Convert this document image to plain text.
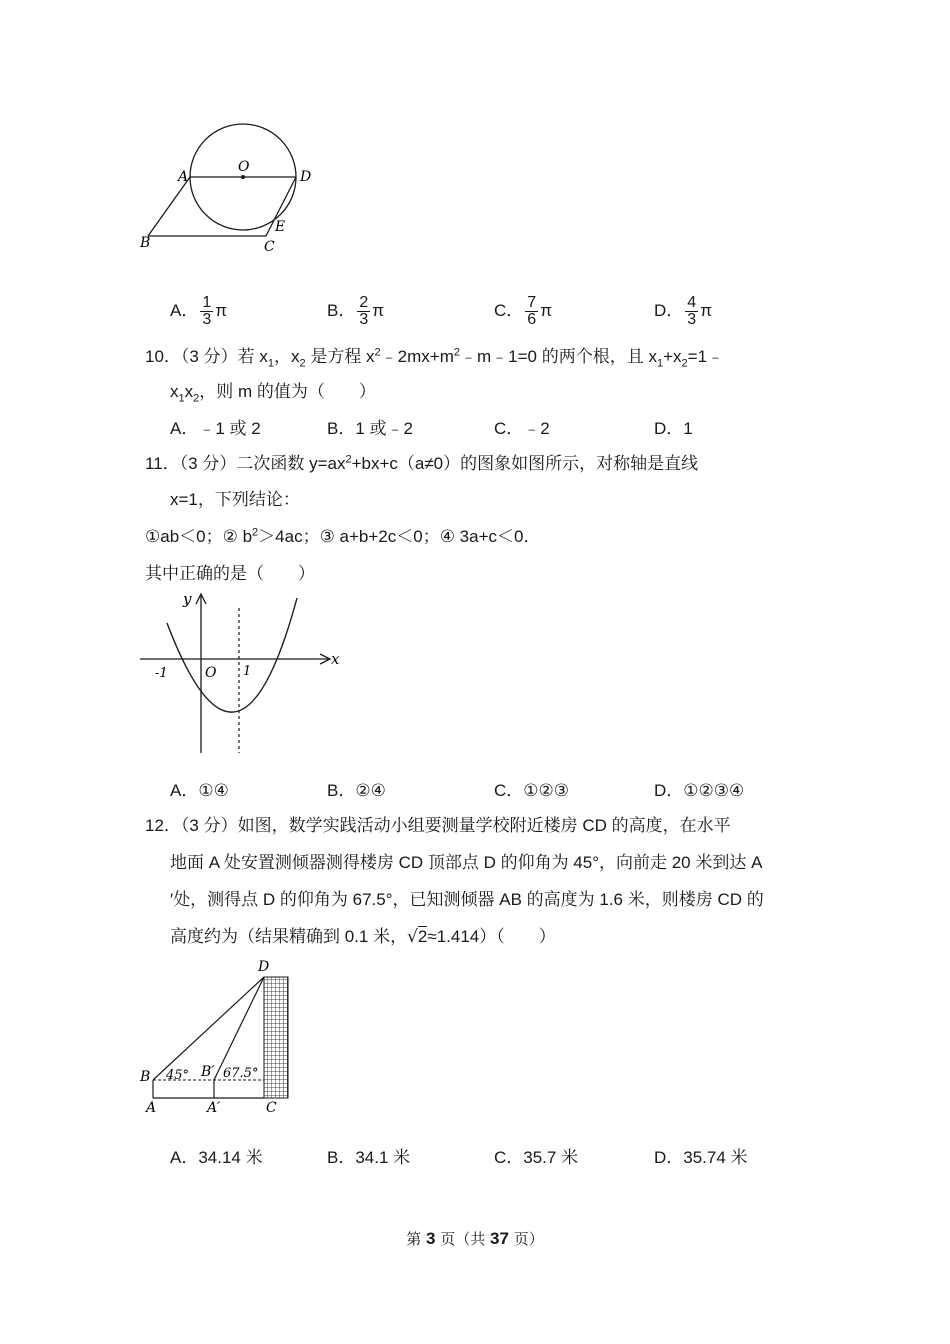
A
O
D
B	C
E
A． $\frac{1}{3}$ π	B． $\frac{2}{3}$ π	C． $\frac{7}{6}$ π	D． $\frac{4}{3}$ π
10．（3 分）若 $x_1$，$x_2$ 是方程 $x^2﹣2mx+m^2﹣m﹣1=0$ 的两个根，且 $x_1+x_2=1﹣$
$x_1x_2$，则 m 的值为（　　）
A．﹣1 或 2	B．1 或﹣2	C．﹣2	D．1
11．（3 分）二次函数 $y=ax^2+bx+c(a\ne 0)$的图象如图所示，对称轴是直线
x=1，下列结论：
①ab＜0；② $b^2>4ac$；③ a+b+2c＜0；④ 3a+c＜0．
其中正确的是（　　）
y
x
-1	O 1
A．①④	B．②④	C．①②③	D．①②③④
12．（3 分）如图，数学实践活动小组要测量学校附近楼房 CD 的高度，在水平
地面 A 处安置测倾器测得楼房 CD 顶部点 D 的仰角为 45°，向前走 20 米到达 A
′处，测得点 D 的仰角为 67.5°，已知测倾器 AB 的高度为 1.6 米，则楼房 CD 的
高度约为（结果精确到 0.1 米，√2≈1.414）（　　）
D
B 45° B′ 67.5°
A	A′	C
A．34.14 米	B．34.1 米	C．35.7 米	D．35.74 米
第 3 页（共 37 页）
